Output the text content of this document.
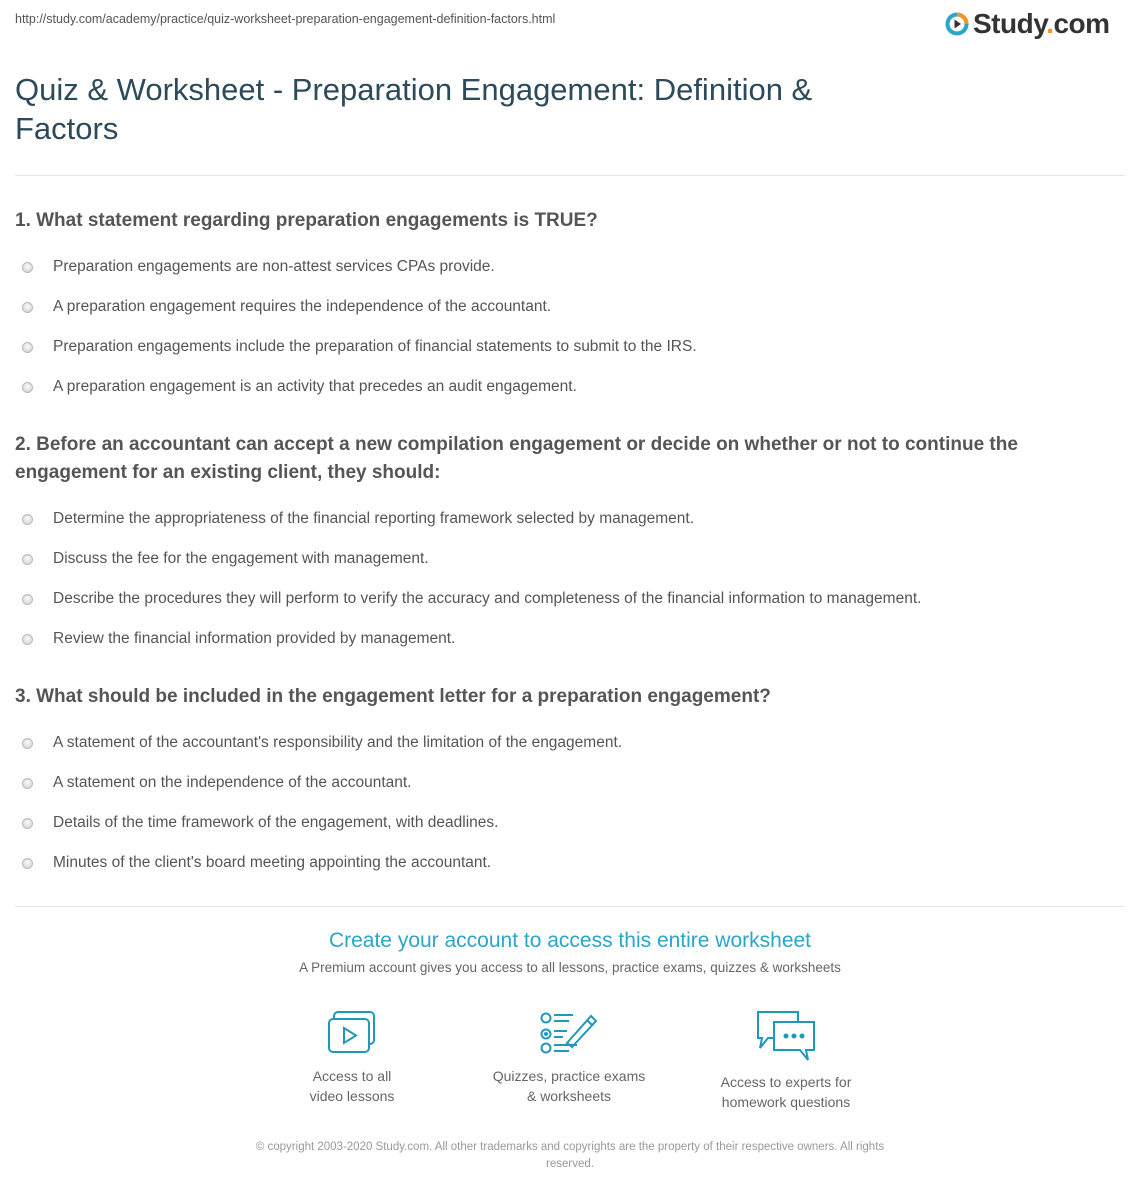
http://study.com/academy/practice/quiz-worksheet-preparation-engagement-definition-factors.html	Study.com
Quiz & Worksheet - Preparation Engagement: Definition & Factors
1. What statement regarding preparation engagements is TRUE?
Preparation engagements are non-attest services CPAs provide.
A preparation engagement requires the independence of the accountant.
Preparation engagements include the preparation of financial statements to submit to the IRS.
A preparation engagement is an activity that precedes an audit engagement.
2. Before an accountant can accept a new compilation engagement or decide on whether or not to continue the engagement for an existing client, they should:
Determine the appropriateness of the financial reporting framework selected by management.
Discuss the fee for the engagement with management.
Describe the procedures they will perform to verify the accuracy and completeness of the financial information to management.
Review the financial information provided by management.
3. What should be included in the engagement letter for a preparation engagement?
A statement of the accountant's responsibility and the limitation of the engagement.
A statement on the independence of the accountant.
Details of the time framework of the engagement, with deadlines.
Minutes of the client's board meeting appointing the accountant.
Create your account to access this entire worksheet
A Premium account gives you access to all lessons, practice exams, quizzes & worksheets
Access to all
video lessons
Quizzes, practice exams
& worksheets
Access to experts for
homework questions
© copyright 2003-2020 Study.com. All other trademarks and copyrights are the property of their respective owners. All rights
reserved.
